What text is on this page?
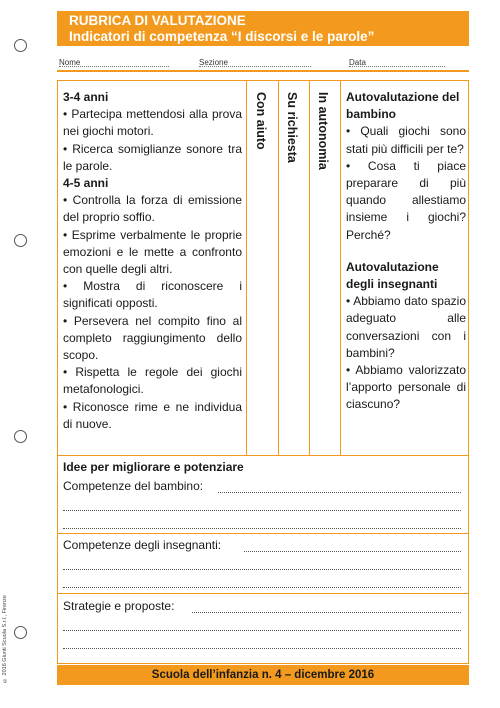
RUBRICA DI VALUTAZIONE
Indicatori di competenza “I discorsi e le parole”
Nome	Sezione	Data

3-4 anni

• Partecipa mettendosi alla prova nei giochi motori.

• Ricerca somiglianze sonore tra le parole.

4-5 anni

• Controlla la forza di emissione del proprio soffio.

• Esprime verbalmente le proprie emozioni e le mette a confronto con quelle degli altri.

• Mostra di riconoscere i significati opposti.

• Persevera nel compito fino al completo raggiungimento dello scopo.

• Rispetta le regole dei giochi metafonologici.

• Riconosce rime e ne individua di nuove.

Con aiuto Su richiesta In autonomia Autovalutazione del bambino

• Quali giochi sono stati più difficili per te?

• Cosa ti piace preparare di più quando allestiamo insieme i giochi? Perché?

Autovalutazione degli insegnanti

• Abbiamo dato spazio adeguato alle conversazioni con i bambini?

• Abbiamo valorizzato l’apporto personale di ciascuno?

Idee per migliorare e potenziare
Competenze del bambino:
Competenze degli insegnanti:
Strategie e proposte:
Scuola dell’infanzia n. 4 – dicembre 2016
© 2016 Giunti Scuola S.r.l., Firenze
